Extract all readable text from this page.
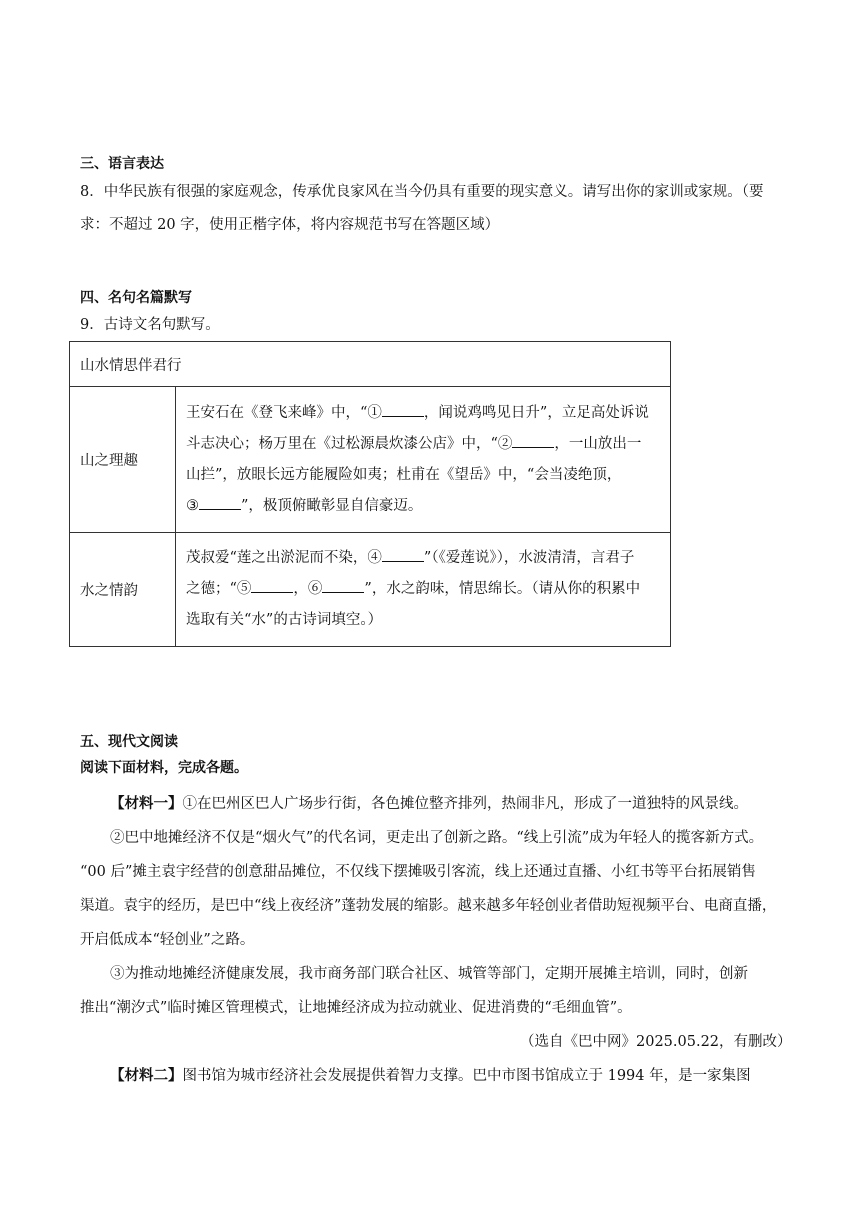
三、语言表达
8．中华民族有很强的家庭观念，传承优良家风在当今仍具有重要的现实意义。请写出你的家训或家规。（要
求：不超过 20 字，使用正楷字体，将内容规范书写在答题区域）
四、名句名篇默写
9．古诗文名句默写。
山水情思伴君行	
山之理趣	王安石在《登飞来峰》中，“① ，闻说鸡鸣见日升”，立足高处诉说
斗志决心；杨万里在《过松源晨炊漆公店》中，“② ，一山放出一
山拦”，放眼长远方能履险如夷；杜甫在《望岳》中，“会当凌绝顶，
③ ”，极顶俯瞰彰显自信豪迈。

水之情韵	茂叔爱“莲之出淤泥而不染，④ ”（《爱莲说》），水波清清，言君子
之德；“⑤ ，⑥ ”，水之韵味，情思绵长。（请从你的积累中
选取有关“水”的古诗词填空。）
五、现代文阅读
阅读下面材料，完成各题。
【材料一】①在巴州区巴人广场步行街，各色摊位整齐排列，热闹非凡，形成了一道独特的风景线。
②巴中地摊经济不仅是“烟火气”的代名词，更走出了创新之路。“线上引流”成为年轻人的揽客新方式。
“00 后”摊主袁宇经营的创意甜品摊位，不仅线下摆摊吸引客流，线上还通过直播、小红书等平台拓展销售
渠道。袁宇的经历，是巴中“线上夜经济”蓬勃发展的缩影。越来越多年轻创业者借助短视频平台、电商直播，
开启低成本“轻创业”之路。
③为推动地摊经济健康发展，我市商务部门联合社区、城管等部门，定期开展摊主培训，同时，创新
推出“潮汐式”临时摊区管理模式，让地摊经济成为拉动就业、促进消费的“毛细血管”。
（选自《巴中网》2025.05.22，有删改）
【材料二】图书馆为城市经济社会发展提供着智力支撑。巴中市图书馆成立于 1994 年，是一家集图
